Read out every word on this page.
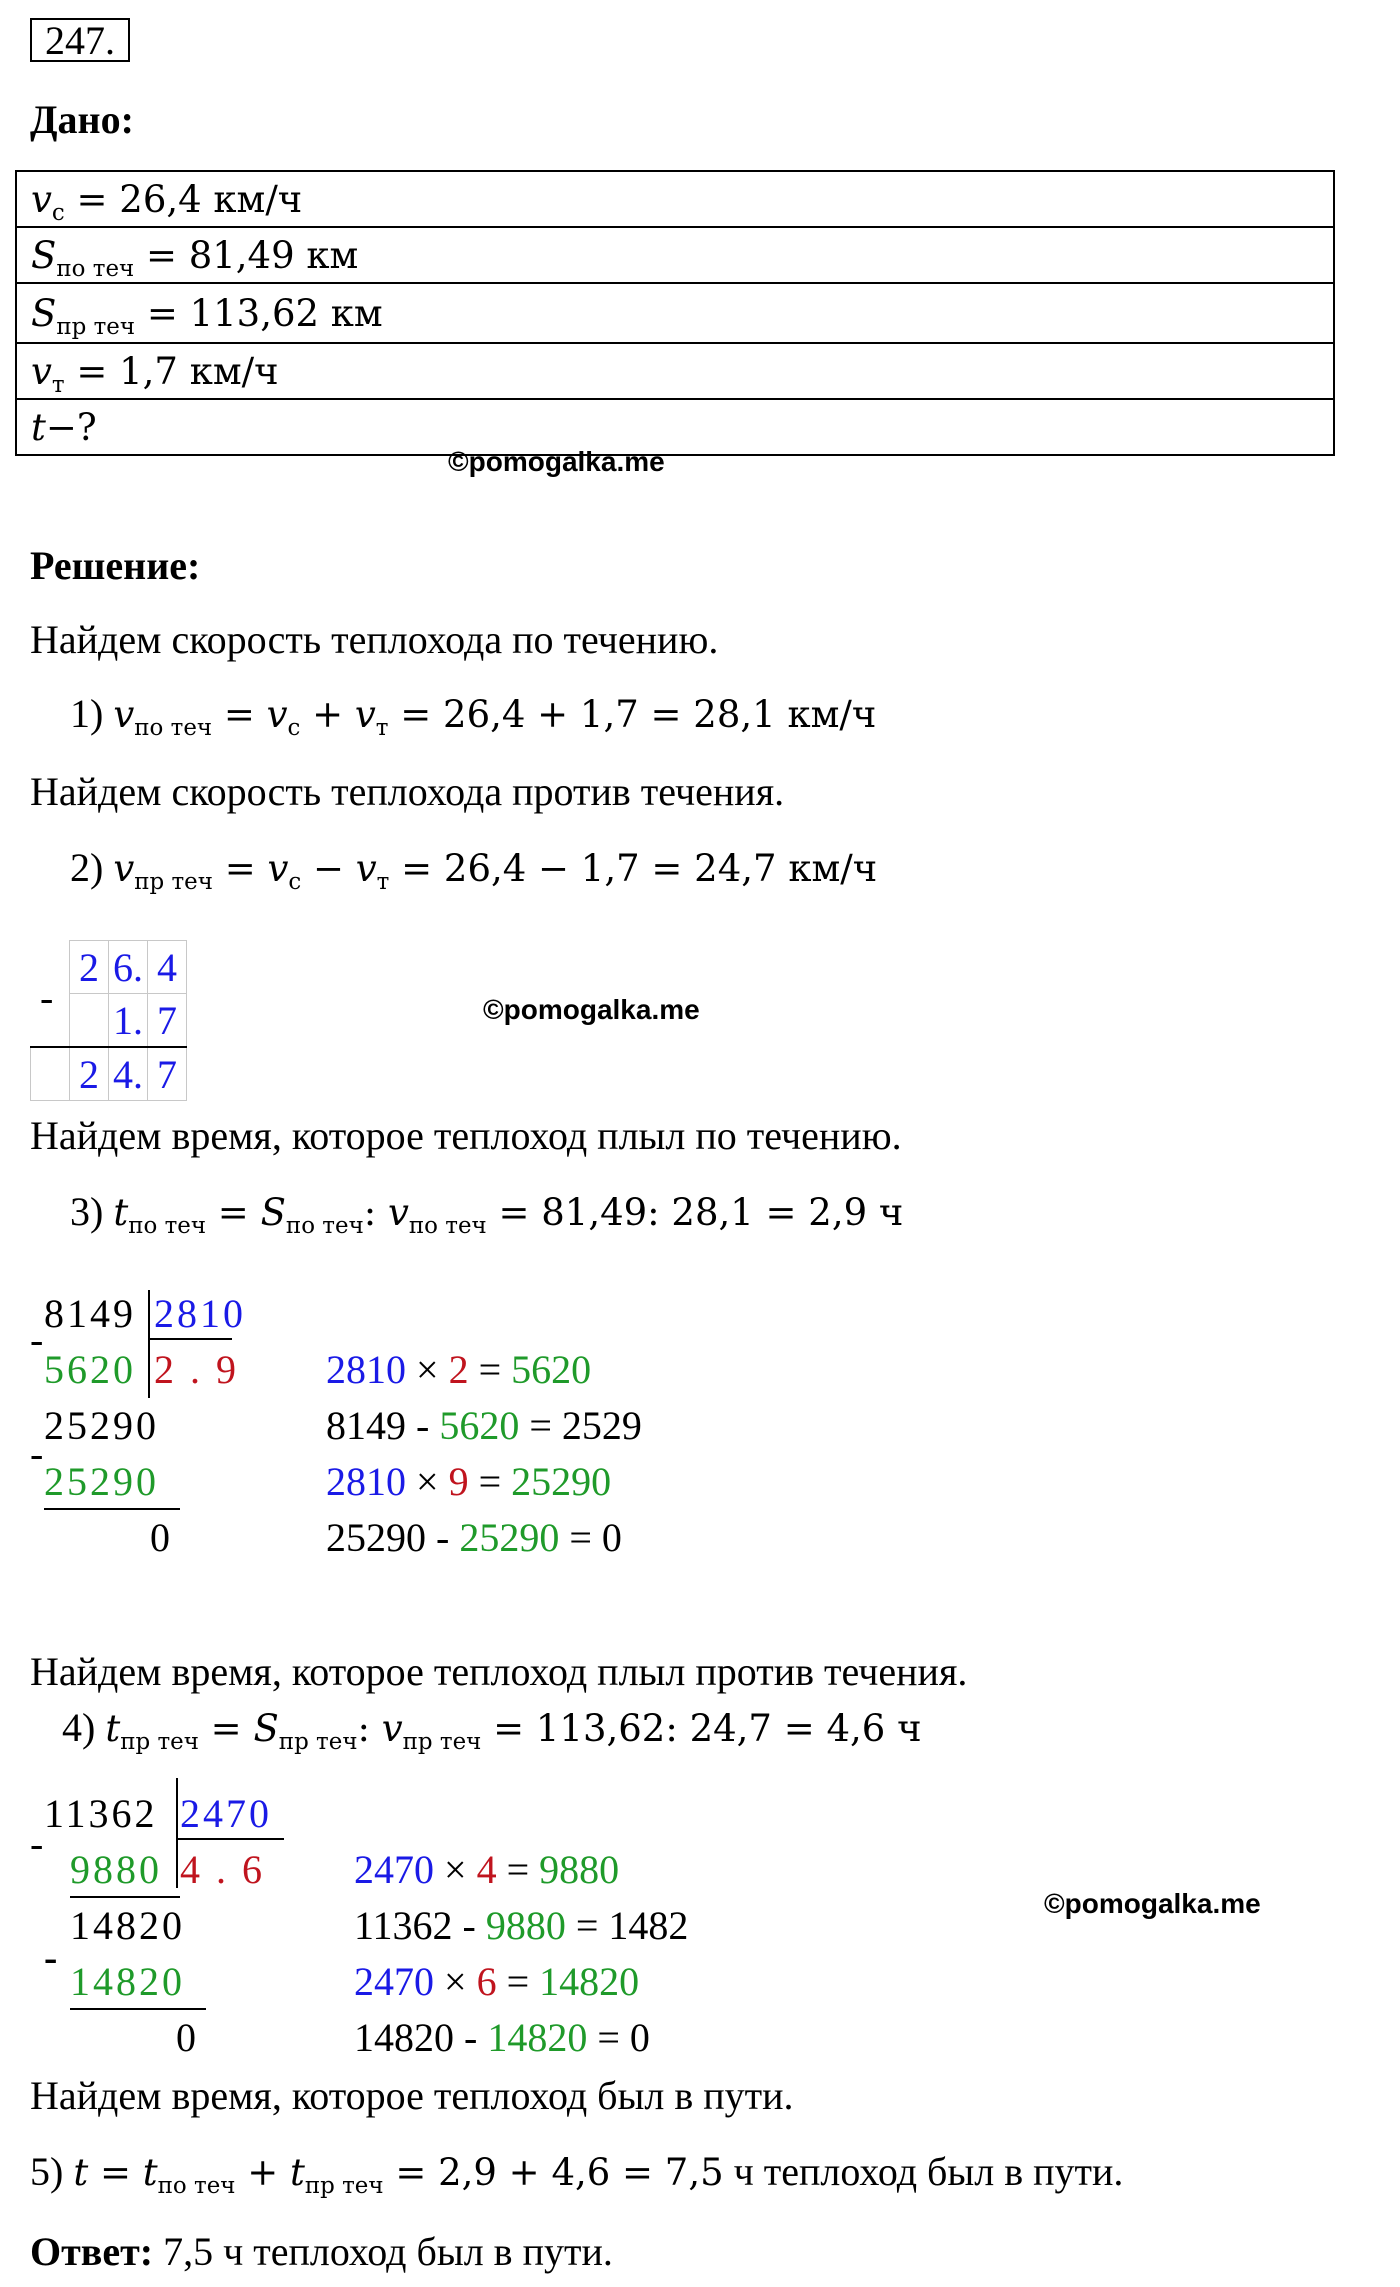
247.
Дано:
$v_с = 26,4$ км/ч
$S_{по теч} = 81,49$ км
$S_{пр теч} = 113,62$ км
$v_т = 1,7$ км/ч
t−?
©pomogalka.me
Решение:
Найдем скорость теплохода по течению.
1) $v_{по теч} = v_с + v_т = 26,4 + 1,7 = 28,1$ км/ч
Найдем скорость теплохода против течения.
2) $v_{пр теч} = v_с - v_т = 26,4 - 1,7 = 24,7$ км/ч
-
	2	6.	4
		1.	7
	2	4.	7
©pomogalka.me
Найдем время, которое теплоход плыл по течению.
3) $t_{по теч} = S_{по теч}$: $v_{по теч} = 81,49$: 28,1 = 2,9 ч
8149 2810
-
5620 2 . 9
25290
-
25290
0
2810 × 2 = 5620
8149 - 5620 = 2529
2810 × 9 = 25290
25290 - 25290 = 0
Найдем время, которое теплоход плыл против течения.
4) $t_{пр теч} = S_{пр теч}$: $v_{пр теч} = 113,62$: 24,7 = 4,6 ч
11362 2470
-
9880 4 . 6
14820
-
14820
0
2470 × 4 = 9880
11362 - 9880 = 1482
2470 × 6 = 14820
14820 - 14820 = 0
©pomogalka.me
Найдем время, которое теплоход был в пути.
5) $t = t_{по теч} + t_{пр теч} = 2,9 + 4,6 = 7,5$ ч теплоход был в пути.
Ответ: 7,5 ч теплоход был в пути.
